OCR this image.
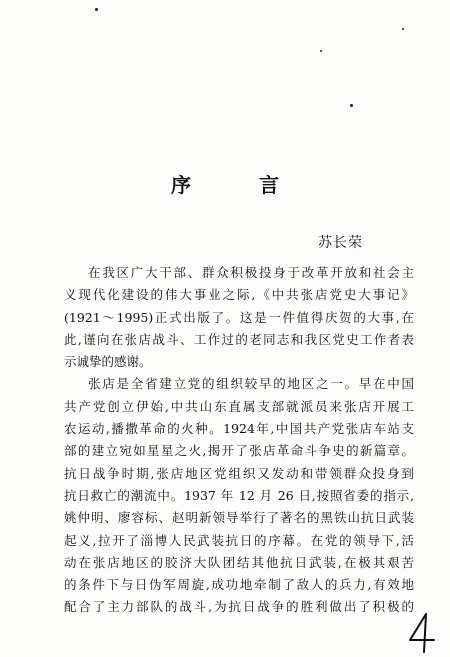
序　言
苏长荣
在我区广大干部、群众积极投身于改革开放和社会主
义现代化建设的伟大事业之际,《中共张店党史大事记》
(1921～1995)正式出版了。这是一件值得庆贺的大事,在
此,谨向在张店战斗、工作过的老同志和我区党史工作者表
示诚挚的感谢。
张店是全省建立党的组织较早的地区之一。早在中国
共产党创立伊始,中共山东直属支部就派员来张店开展工
农运动,播撒革命的火种。1924年,中国共产党张店车站支
部的建立宛如星星之火,揭开了张店革命斗争史的新篇章。
抗日战争时期,张店地区党组织又发动和带领群众投身到
抗日救亡的潮流中。1937 年 12 月 26 日,按照省委的指示,
姚仲明、廖容标、赵明新领导举行了著名的黑铁山抗日武装
起义,拉开了淄博人民武装抗日的序幕。在党的领导下,活
动在张店地区的胶济大队团结其他抗日武装,在极其艰苦
的条件下与日伪军周旋,成功地牵制了敌人的兵力,有效地
配合了主力部队的战斗,为抗日战争的胜利做出了积极的
